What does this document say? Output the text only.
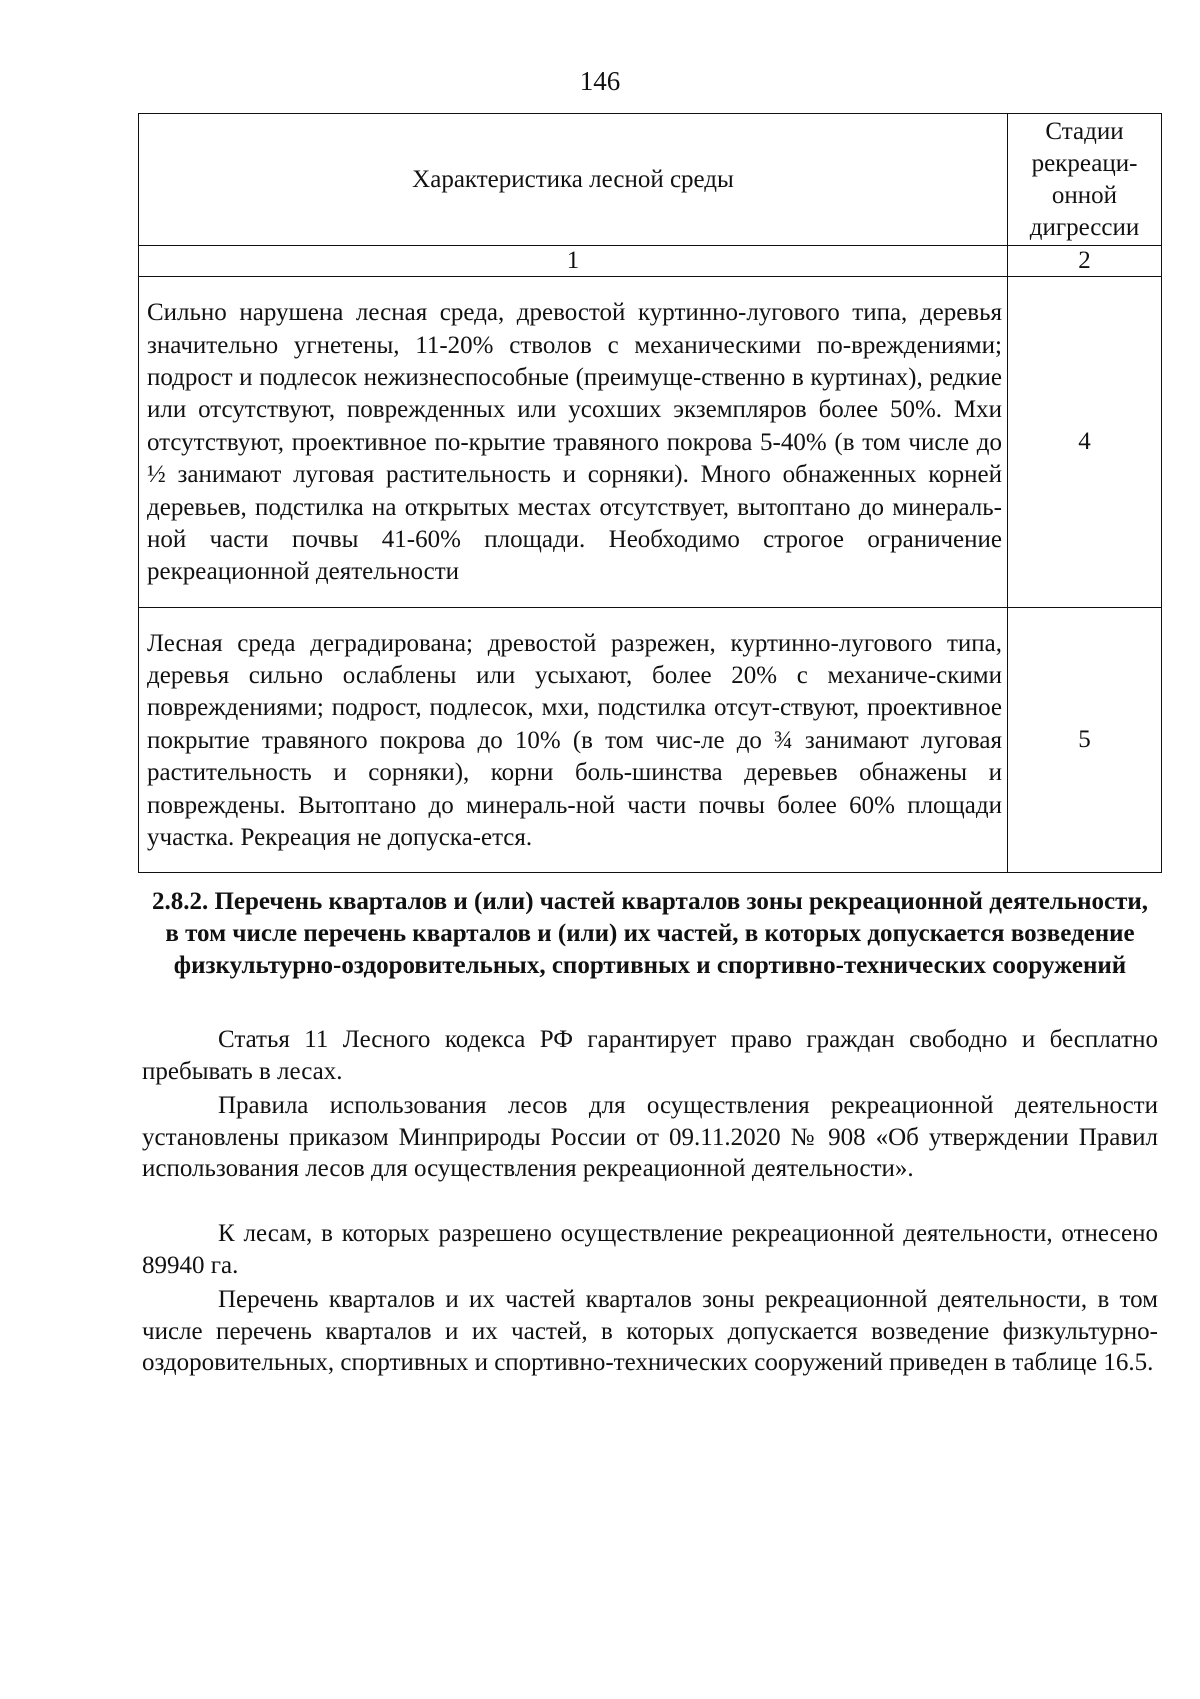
146
Характеристика лесной среды	Стадии рекреаци-онной дигрессии
1	2
Сильно нарушена лесная среда, древостой куртинно-лугового типа, деревья значительно угнетены, 11-20% стволов с механическими по-вреждениями; подрост и подлесок нежизнеспособные (преимуще-ственно в куртинах), редкие или отсутствуют, поврежденных или усохших экземпляров более 50%. Мхи отсутствуют, проективное по-крытие травяного покрова 5-40% (в том числе до ½ занимают луговая растительность и сорняки). Много обнаженных корней деревьев, подстилка на открытых местах отсутствует, вытоптано до минераль-ной части почвы 41-60% площади. Необходимо строгое ограничение рекреационной деятельности	4
Лесная среда деградирована; древостой разрежен, куртинно-лугового типа, деревья сильно ослаблены или усыхают, более 20% с механиче-скими повреждениями; подрост, подлесок, мхи, подстилка отсут-ствуют, проективное покрытие травяного покрова до 10% (в том чис-ле до ¾ занимают луговая растительность и сорняки), корни боль-шинства деревьев обнажены и повреждены. Вытоптано до минераль-ной части почвы более 60% площади участка. Рекреация не допуска-ется.	5
2.8.2. Перечень кварталов и (или) частей кварталов зоны рекреационной деятельности, в том числе перечень кварталов и (или) их частей, в которых допускается возведение физкультурно-оздоровительных, спортивных и спортивно-технических сооружений

Статья 11 Лесного кодекса РФ гарантирует право граждан свободно и бесплатно пребывать в лесах.

Правила использования лесов для осуществления рекреационной деятельности установлены приказом Минприроды России от 09.11.2020 № 908 «Об утверждении Правил использования лесов для осуществления рекреационной деятельности».

К лесам, в которых разрешено осуществление рекреационной деятельности, отнесено 89940 га.

Перечень кварталов и их частей кварталов зоны рекреационной деятельности, в том числе перечень кварталов и их частей, в которых допускается возведение физкультурно-оздоровительных, спортивных и спортивно-технических сооружений приведен в таблице 16.5.
